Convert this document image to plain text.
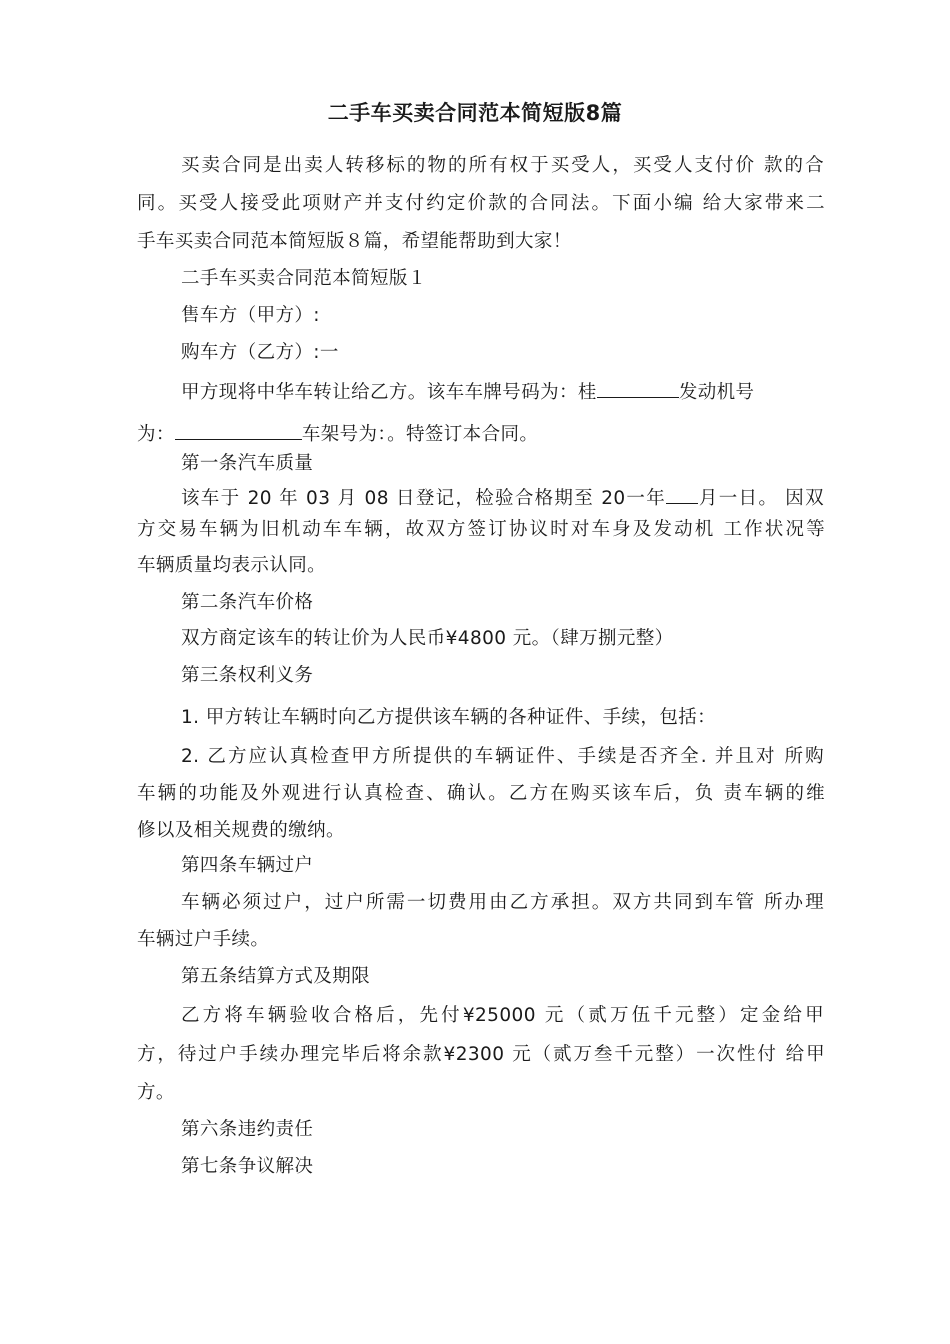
二手车买卖合同范本简短版8篇
买卖合同是出卖人转移标的物的所有权于买受人，买受人支付价 款的合
同。买受人接受此项财产并支付约定价款的合同法。下面小编 给大家带来二
手车买卖合同范本简短版８篇，希望能帮助到大家！
二手车买卖合同范本简短版１
售车方（甲方）:
购车方（乙方）:一
甲方现将中华车转让给乙方。该车车牌号码为：桂	发动机号
为：	车架号为：。特签订本合同。
第一条汽车质量
该车于 20 年 03 月 08 日登记，检验合格期至 20一年 月一日。 因双
方交易车辆为旧机动车车辆，故双方签订协议时对车身及发动机 工作状况等
车辆质量均表示认同。
第二条汽车价格
双方商定该车的转让价为人民币¥4800 元。（肆万捌元整）
第三条权利义务
1. 甲方转让车辆时向乙方提供该车辆的各种证件、手续，包括：
2. 乙方应认真检查甲方所提供的车辆证件、手续是否齐全. 并且对 所购
车辆的功能及外观进行认真检查、确认。乙方在购买该车后，负 责车辆的维
修以及相关规费的缴纳。
第四条车辆过户
车辆必须过户，过户所需一切费用由乙方承担。双方共同到车管 所办理
车辆过户手续。
第五条结算方式及期限
乙方将车辆验收合格后，先付¥25000 元（贰万伍千元整）定金给甲
方，待过户手续办理完毕后将余款¥2300 元（贰万叁千元整）一次性付 给甲
方。
第六条违约责任
第七条争议解决
